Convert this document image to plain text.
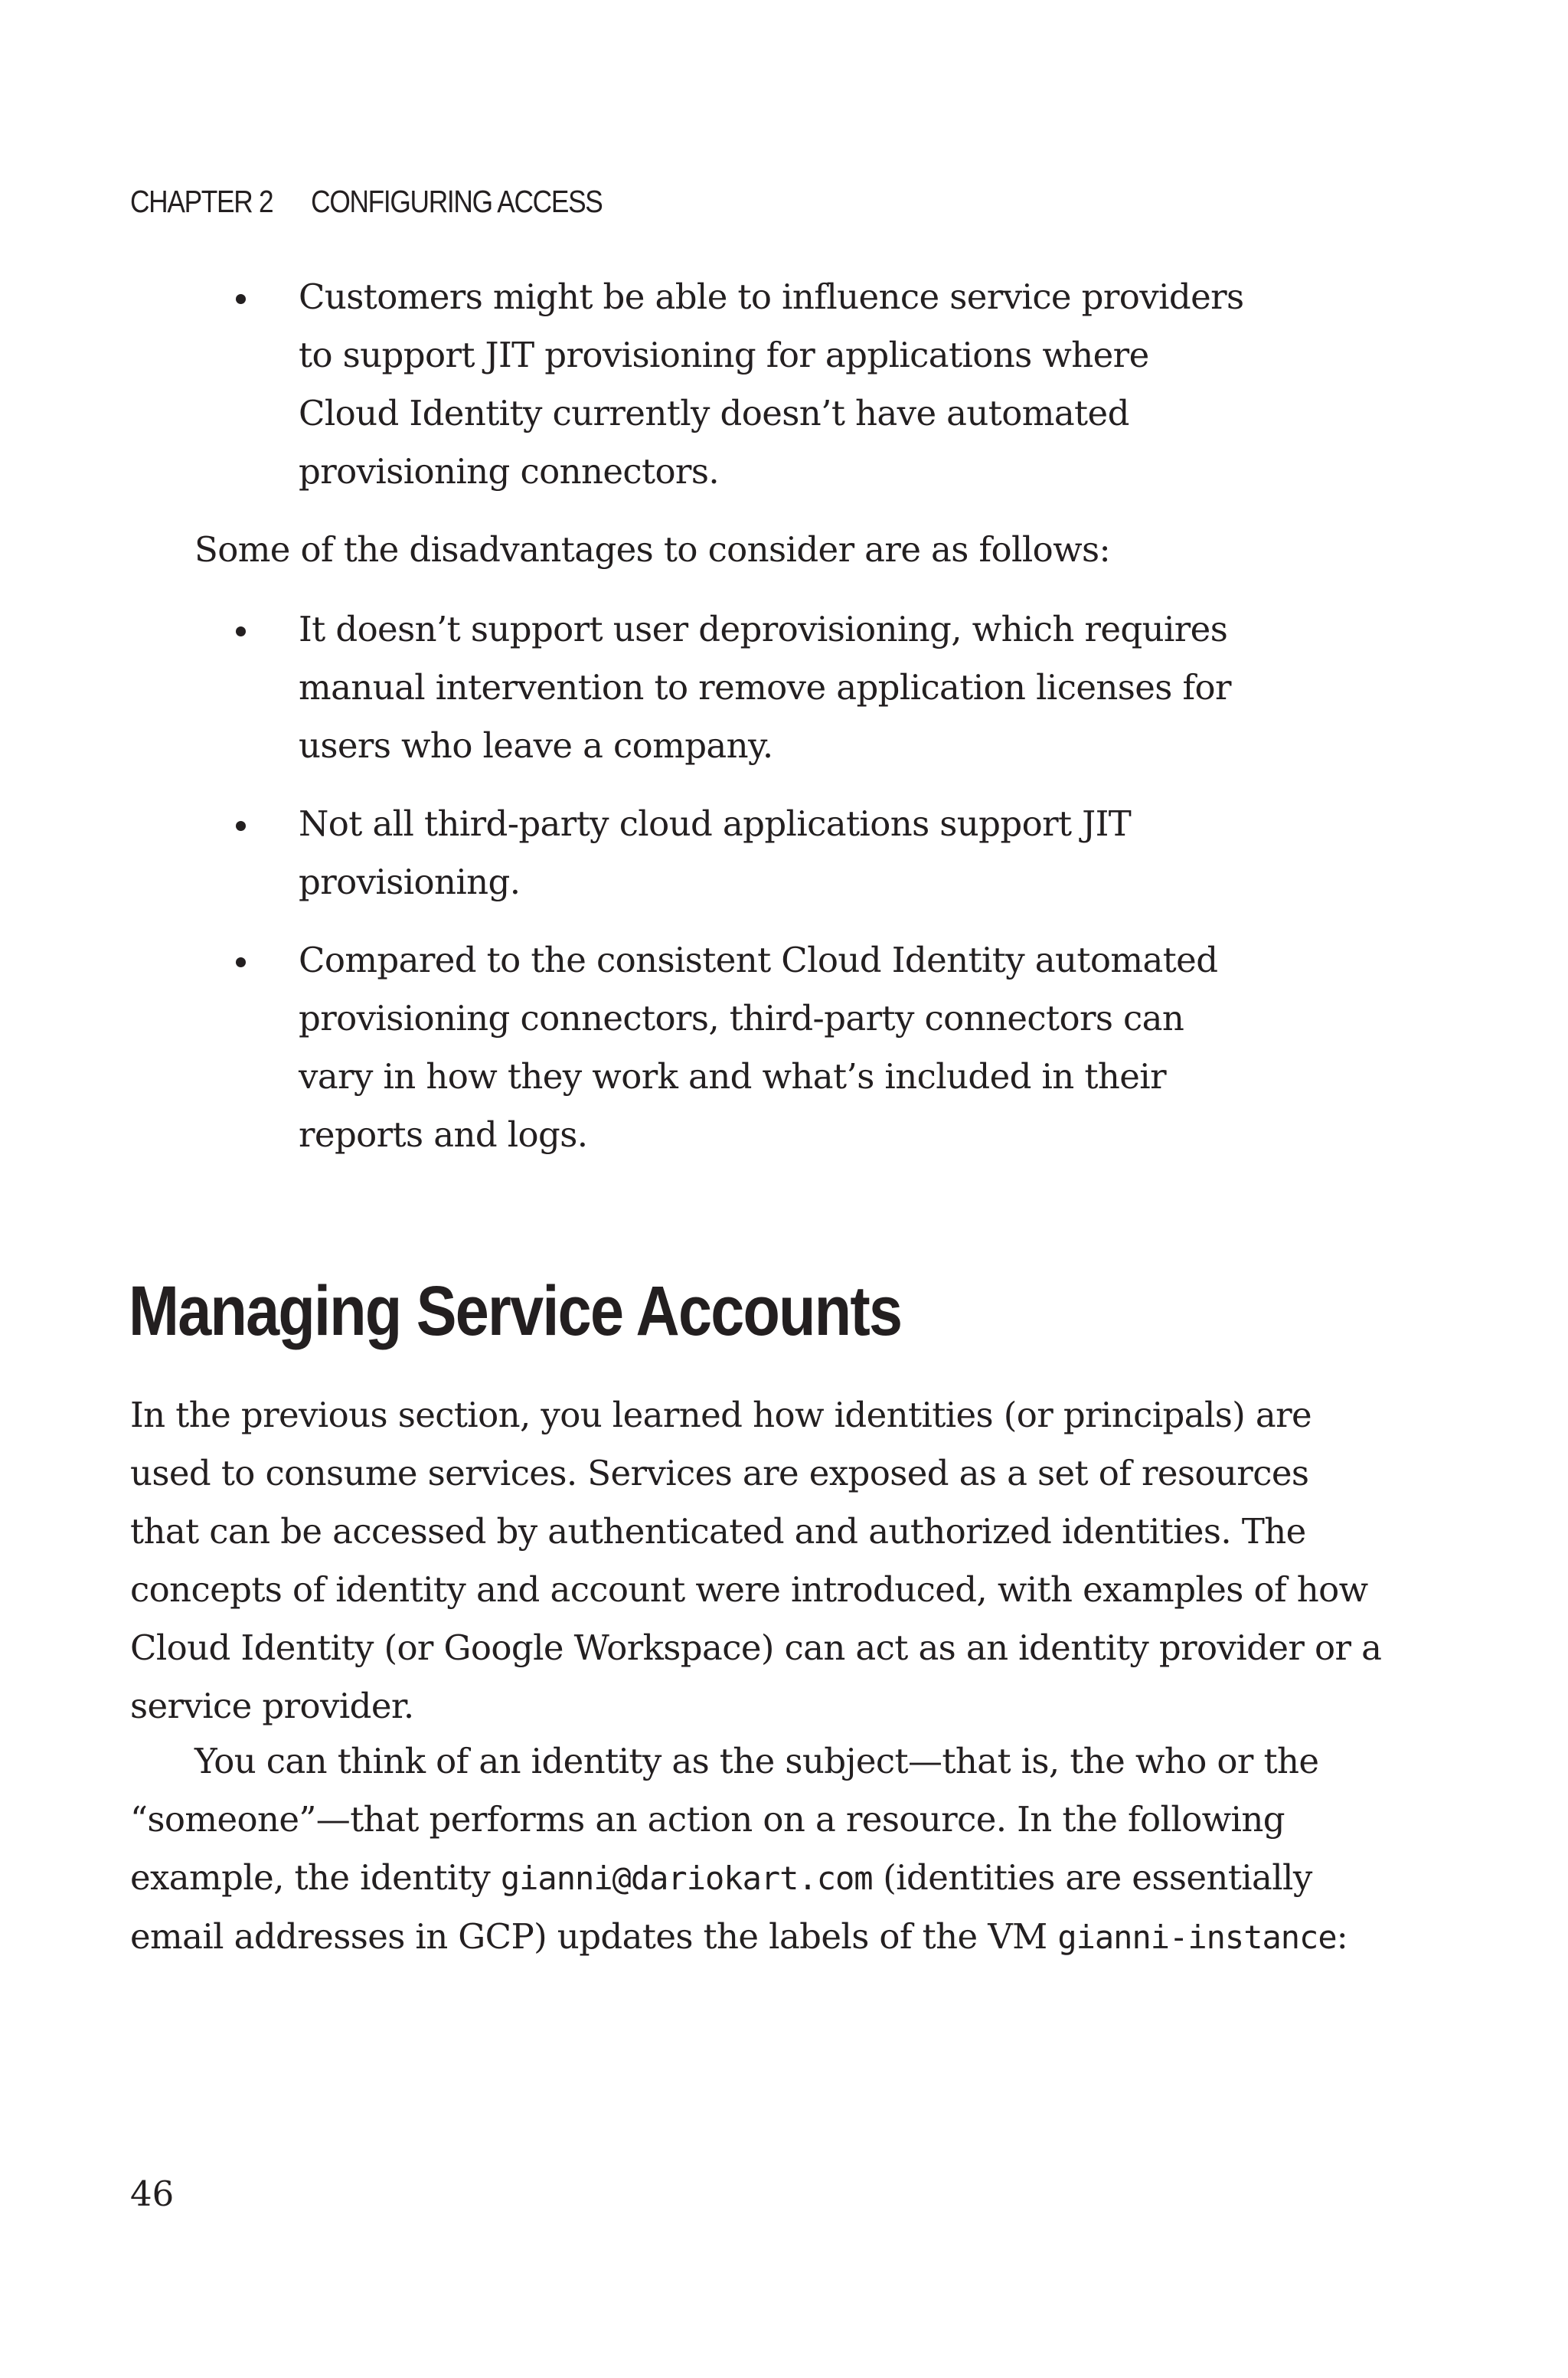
CHAPTER 2 CONFIGURING ACCESS
Customers might be able to influence service providers to support JIT provisioning for applications where Cloud Identity currently doesn’t have automated provisioning connectors.

Some of the disadvantages to consider are as follows:

It doesn’t support user deprovisioning, which requires manual intervention to remove application licenses for users who leave a company.
Not all third-party cloud applications support JIT provisioning.
Compared to the consistent Cloud Identity automated provisioning connectors, third-party connectors can vary in how they work and what’s included in their reports and logs.
Managing Service Accounts

In the previous section, you learned how identities (or principals) are used to consume services. Services are exposed as a set of resources that can be accessed by authenticated and authorized identities. The concepts of identity and account were introduced, with examples of how Cloud Identity (or Google Workspace) can act as an identity provider or a service provider.

You can think of an identity as the subject—that is, the who or the “someone”—that performs an action on a resource. In the following example, the identity gianni@dariokart.com (identities are essentially email addresses in GCP) updates the labels of the VM gianni-instance:

46
